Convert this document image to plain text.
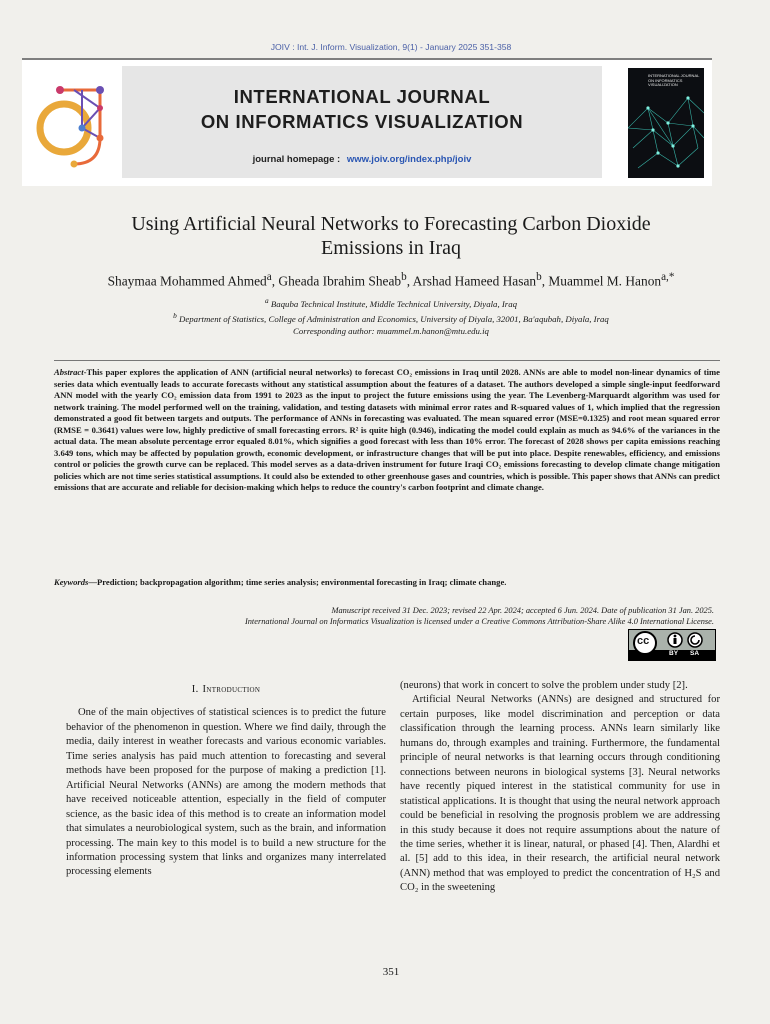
JOIV : Int. J. Inform. Visualization, 9(1) - January 2025 351-358
INTERNATIONAL JOURNAL
ON INFORMATICS VISUALIZATION
journal homepage : www.joiv.org/index.php/joiv
INTERNATIONAL JOURNAL ON INFORMATICS VISUALIZATION
Using Artificial Neural Networks to Forecasting Carbon Dioxide
Emissions in Iraq
Shaymaa Mohammed Ahmed$^a$, Gheada Ibrahim Sheab$^b$, Arshad Hameed Hasan$^b$, Muammel M. Hanon$^{a,*}$
$^a$ Baquba Technical Institute, Middle Technical University, Diyala, Iraq
$^b$ Department of Statistics, College of Administration and Economics, University of Diyala, 32001, Ba'aqubah, Diyala, Iraq
Corresponding author: muammel.m.hanon@mtu.edu.iq
Abstract-This paper explores the application of ANN (artificial neural networks) to forecast CO₂ emissions in Iraq until 2028. ANNs are able to model non-linear dynamics of time series data which eventually leads to accurate forecasts without any statistical assumption about the features of a dataset. The authors developed a simple single-input feedforward ANN model with the yearly CO₂ emission data from 1991 to 2023 as the input to project the future emissions using the year. The Levenberg-Marquardt algorithm was used for network training. The model performed well on the training, validation, and testing datasets with minimal error rates and R-squared values of 1, which implied that the regression demonstrated a good fit between targets and outputs. The performance of ANNs in forecasting was evaluated. The mean squared error (MSE=0.1325) and root mean squared error (RMSE = 0.3641) values were low, highly predictive of small forecasting errors. R² is quite high (0.946), indicating the model could explain as much as 94.6% of the variances in the actual data. The mean absolute percentage error equaled 8.01%, which signifies a good forecast with less than 10% error. The forecast of 2028 shows per capita emissions reaching 3.649 tons, which may be affected by population growth, economic development, or infrastructure changes that will be put into place. Despite renewables, efficiency, and emissions control or policies the growth curve can be replaced. This model serves as a data-driven instrument for future Iraqi CO₂ emissions forecasting to develop climate change mitigation policies which are not time series statistical assumptions. It could also be extended to other greenhouse gases and countries, which is possible. This paper shows that ANNs can predict emissions that are accurate and reliable for decision-making which helps to reduce the country's carbon footprint and climate change.
Keywords—Prediction; backpropagation algorithm; time series analysis; environmental forecasting in Iraq; climate change.
Manuscript received 31 Dec. 2023; revised 22 Apr. 2024; accepted 6 Jun. 2024. Date of publication 31 Jan. 2025.
International Journal on Informatics Visualization is licensed under a Creative Commons Attribution-Share Alike 4.0 International License.
cc
BY SA
I. Introduction

One of the main objectives of statistical sciences is to predict the future behavior of the phenomenon in question. Where we find daily, through the media, daily interest in weather forecasts and various economic variables. Time series analysis has paid much attention to forecasting and several methods have been proposed for the purpose of making a prediction [1]. Artificial Neural Networks (ANNs) are among the modern methods that have received noticeable attention, especially in the field of computer science, as the basic idea of this method is to create an information model that simulates a neurobiological system, such as the brain, and information processing. The main key to this model is to build a new structure for the information processing system that links and organizes many interrelated processing elements

(neurons) that work in concert to solve the problem under study [2].

Artificial Neural Networks (ANNs) are designed and structured for certain purposes, like model discrimination and perception or data classification through the learning process. ANNs learn similarly like humans do, through examples and training. Furthermore, the fundamental principle of neural networks is that learning occurs through conditioning connections between neurons in biological systems [3]. Neural networks have recently piqued interest in the statistical community for use in statistical applications. It is thought that using the neural network approach could be beneficial in resolving the prognosis problem we are addressing in this study because it does not require assumptions about the nature of the time series, whether it is linear, natural, or phased [4]. Then, Alardhi et al. [5] add to this idea, in their research, the artificial neural network (ANN) method that was employed to predict the concentration of H₂S and CO₂ in the sweetening

351
